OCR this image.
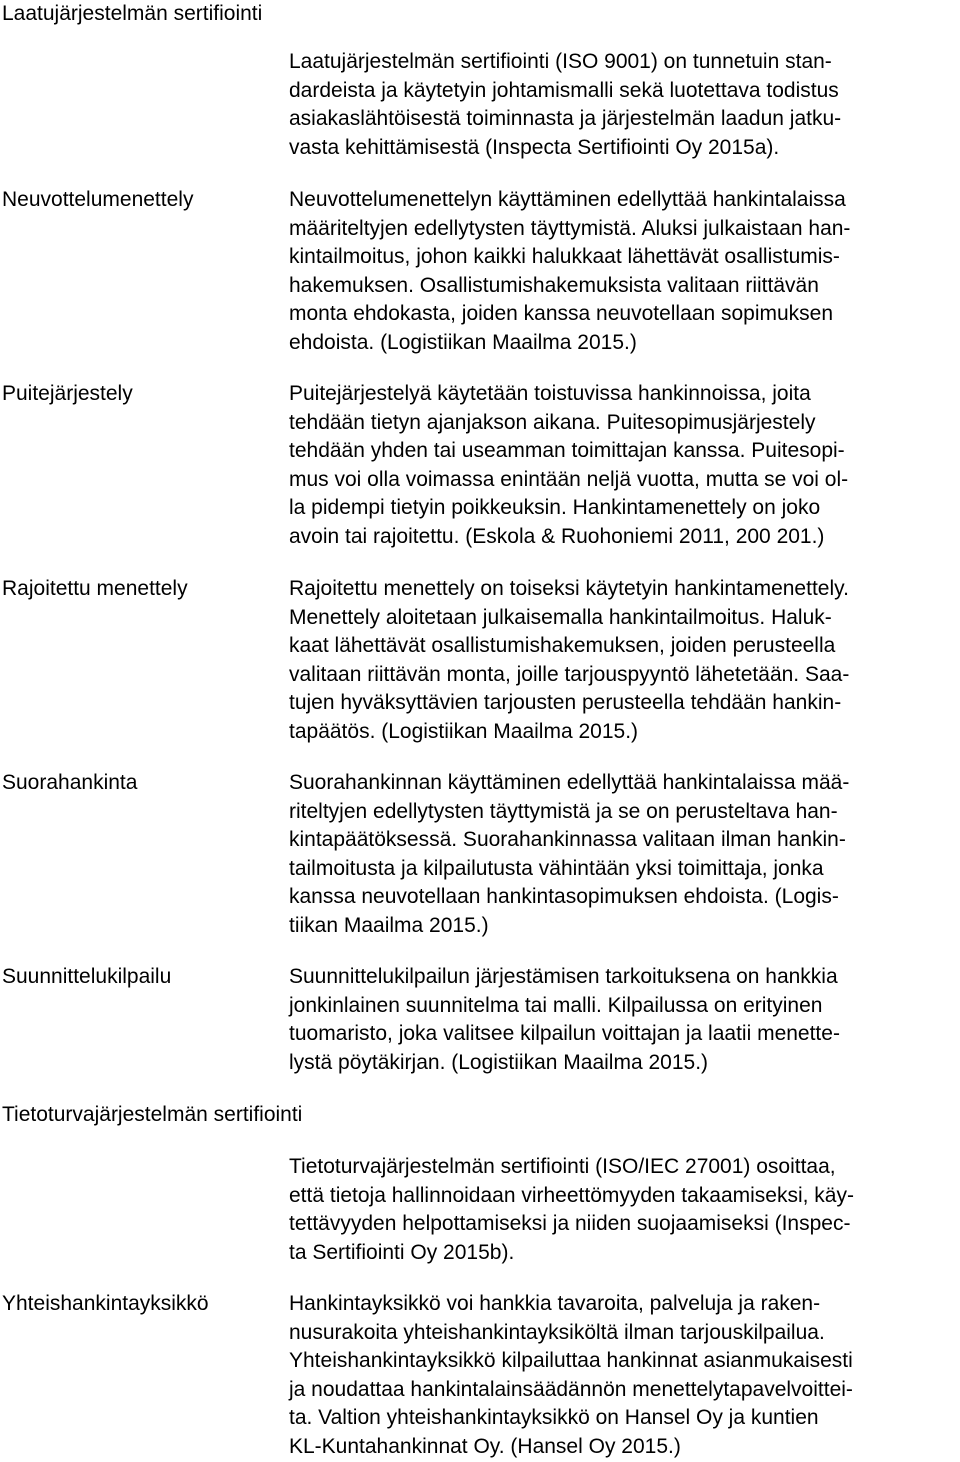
Laatujärjestelmän sertifiointi

Laatujärjestelmän sertifiointi (ISO 9001) on tunnetuin stan-
dardeista ja käytetyin johtamismalli sekä luotettava todistus
asiakaslähtöisestä toiminnasta ja järjestelmän laadun jatku-
vasta kehittämisestä (Inspecta Sertifiointi Oy 2015a).

Neuvottelumenettely	Neuvottelumenettelyn käyttäminen edellyttää hankintalaissa
määriteltyjen edellytysten täyttymistä. Aluksi julkaistaan han-
kintailmoitus, johon kaikki halukkaat lähettävät osallistumis-
hakemuksen. Osallistumishakemuksista valitaan riittävän
monta ehdokasta, joiden kanssa neuvotellaan sopimuksen
ehdoista. (Logistiikan Maailma 2015.)

Puitejärjestely	Puitejärjestelyä käytetään toistuvissa hankinnoissa, joita
tehdään tietyn ajanjakson aikana. Puitesopimusjärjestely
tehdään yhden tai useamman toimittajan kanssa. Puitesopi-
mus voi olla voimassa enintään neljä vuotta, mutta se voi ol-
la pidempi tietyin poikkeuksin. Hankintamenettely on joko
avoin tai rajoitettu. (Eskola & Ruohoniemi 2011, 200 201.)

Rajoitettu menettely	Rajoitettu menettely on toiseksi käytetyin hankintamenettely.
Menettely aloitetaan julkaisemalla hankintailmoitus. Haluk-
kaat lähettävät osallistumishakemuksen, joiden perusteella
valitaan riittävän monta, joille tarjouspyyntö lähetetään. Saa-
tujen hyväksyttävien tarjousten perusteella tehdään hankin-
tapäätös. (Logistiikan Maailma 2015.)

Suorahankinta	Suorahankinnan käyttäminen edellyttää hankintalaissa mää-
riteltyjen edellytysten täyttymistä ja se on perusteltava han-
kintapäätöksessä. Suorahankinnassa valitaan ilman hankin-
tailmoitusta ja kilpailutusta vähintään yksi toimittaja, jonka
kanssa neuvotellaan hankintasopimuksen ehdoista. (Logis-
tiikan Maailma 2015.)

Suunnittelukilpailu	Suunnittelukilpailun järjestämisen tarkoituksena on hankkia
jonkinlainen suunnitelma tai malli. Kilpailussa on erityinen
tuomaristo, joka valitsee kilpailun voittajan ja laatii menette-
lystä pöytäkirjan. (Logistiikan Maailma 2015.)

Tietoturvajärjestelmän sertifiointi

Tietoturvajärjestelmän sertifiointi (ISO/IEC 27001) osoittaa,
että tietoja hallinnoidaan virheettömyyden takaamiseksi, käy-
tettävyyden helpottamiseksi ja niiden suojaamiseksi (Inspec-
ta Sertifiointi Oy 2015b).

Yhteishankintayksikkö	Hankintayksikkö voi hankkia tavaroita, palveluja ja raken-
nusurakoita yhteishankintayksiköltä ilman tarjouskilpailua.
Yhteishankintayksikkö kilpailuttaa hankinnat asianmukaisesti
ja noudattaa hankintalainsäädännön menettelytapavelvoittei-
ta. Valtion yhteishankintayksikkö on Hansel Oy ja kuntien
KL-Kuntahankinnat Oy. (Hansel Oy 2015.)
